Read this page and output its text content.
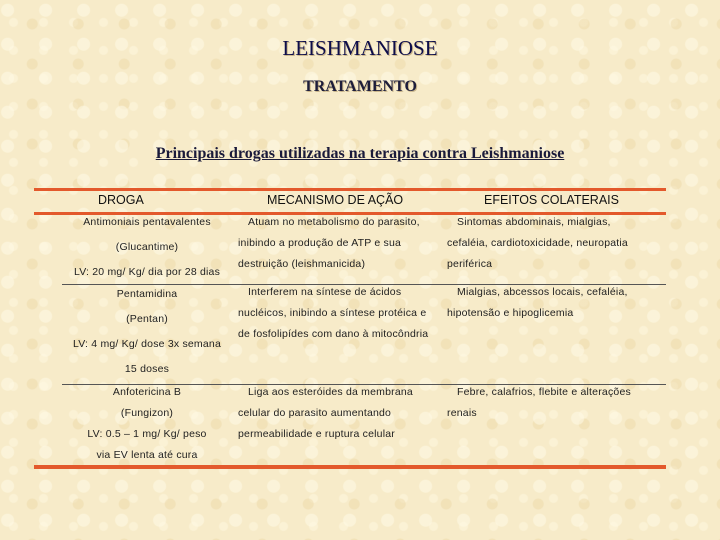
LEISHMANIOSE
TRATAMENTO
Principais drogas utilizadas na terapia contra Leishmaniose
DROGA	MECANISMO DE AÇÃO	EFEITOS COLATERAIS
Antimoniais pentavalentes
(Glucantime)
LV: 20 mg/ Kg/ dia por 28 dias
Atuam no metabolismo do parasito,
inibindo a produção de ATP e sua
destruição (leishmanicida)
Sintomas abdominais, mialgias,
cefaléia, cardiotoxicidade, neuropatia
periférica
Pentamidina
(Pentan)
LV: 4 mg/ Kg/ dose 3x semana
15 doses
Interferem na síntese de ácidos
nucléicos, inibindo a síntese protéica e
de fosfolipídes com dano à mitocôndria
Mialgias, abcessos locais, cefaléia,
hipotensão e hipoglicemia
Anfotericina B
(Fungizon)
LV: 0.5 – 1 mg/ Kg/ peso
via EV lenta até cura
Liga aos esteróides da membrana
celular do parasito aumentando
permeabilidade e ruptura celular
Febre, calafrios, flebite e alterações
renais
